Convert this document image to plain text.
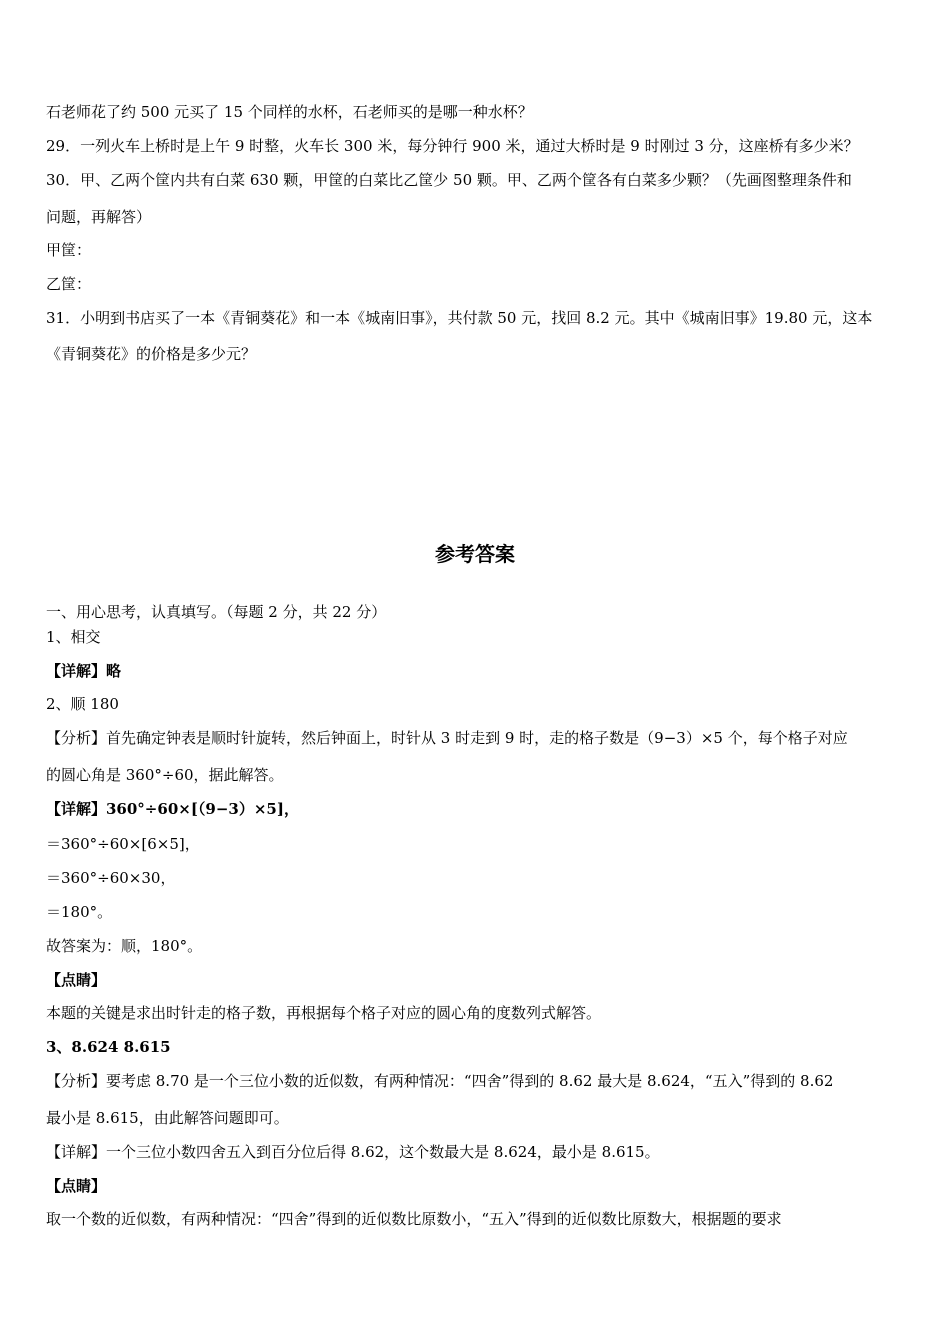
石老师花了约 500 元买了 15 个同样的水杯，石老师买的是哪一种水杯？
29．一列火车上桥时是上午 9 时整，火车长 300 米，每分钟行 900 米，通过大桥时是 9 时刚过 3 分，这座桥有多少米？
30．甲、乙两个筐内共有白菜 630 颗，甲筐的白菜比乙筐少 50 颗。甲、乙两个筐各有白菜多少颗？（先画图整理条件和
问题，再解答）
甲筐：
乙筐：
31．小明到书店买了一本《青铜葵花》和一本《城南旧事》，共付款 50 元，找回 8.2 元。其中《城南旧事》19.80 元，这本
《青铜葵花》的价格是多少元？
参考答案
一、用心思考，认真填写。（每题 2 分，共 22 分）
1、相交
【详解】略
2、顺 180
【分析】首先确定钟表是顺时针旋转，然后钟面上，时针从 3 时走到 9 时，走的格子数是（9−3）×5 个，每个格子对应
的圆心角是 360°÷60，据此解答。
【详解】360°÷60×[（9−3）×5]，
＝360°÷60×[6×5]，
＝360°÷60×30，
＝180°。
故答案为：顺，180°。
【点睛】
本题的关键是求出时针走的格子数，再根据每个格子对应的圆心角的度数列式解答。
3、8.624 8.615
【分析】要考虑 8.70 是一个三位小数的近似数，有两种情况：“四舍”得到的 8.62 最大是 8.624，“五入”得到的 8.62
最小是 8.615，由此解答问题即可。
【详解】一个三位小数四舍五入到百分位后得 8.62，这个数最大是 8.624，最小是 8.615。
【点睛】
取一个数的近似数，有两种情况：“四舍”得到的近似数比原数小，“五入”得到的近似数比原数大，根据题的要求
